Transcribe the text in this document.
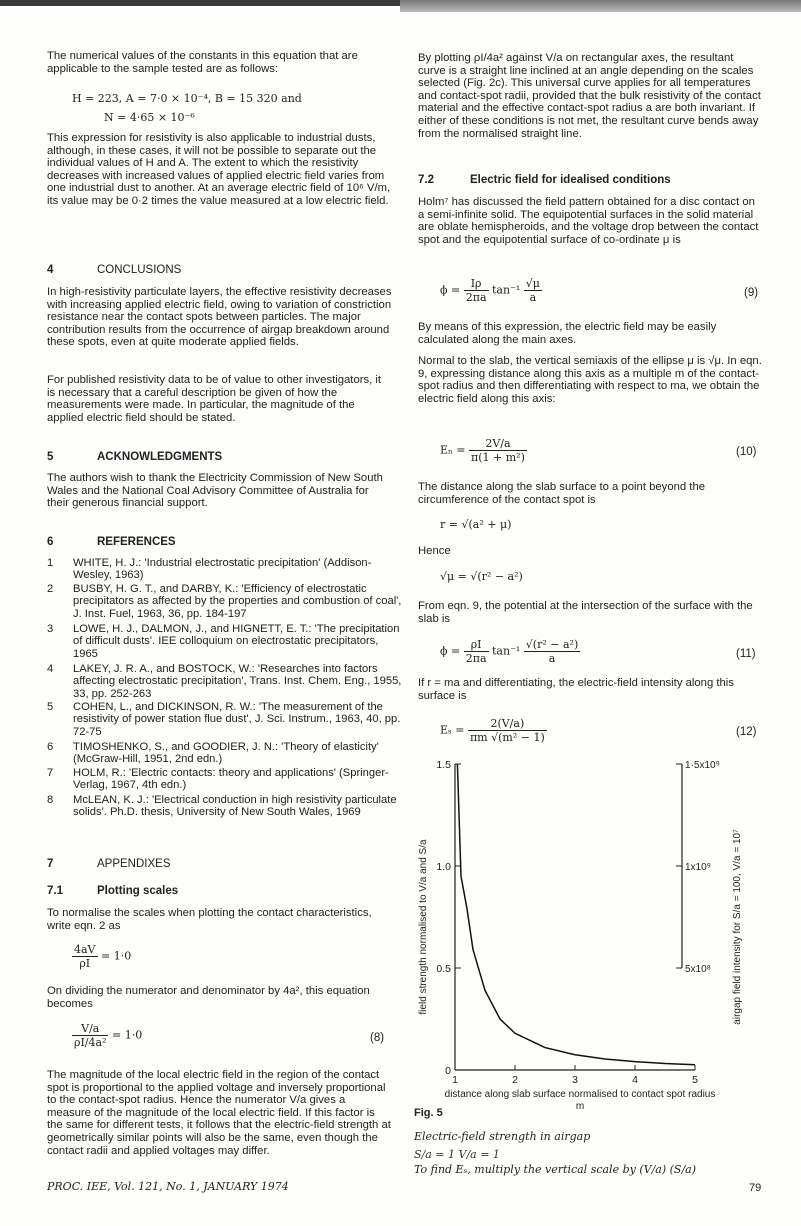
The numerical values of the constants in this equation that are applicable to the sample tested are as follows:
H = 223, A = 7·0 × 10⁻⁴, B = 15 320 and
N = 4·65 × 10⁻⁶
This expression for resistivity is also applicable to industrial dusts, although, in these cases, it will not be possible to separate out the individual values of H and A. The extent to which the resistivity decreases with increased values of applied electric field varies from one industrial dust to another. At an average electric field of 10⁶ V/m, its value may be 0·2 times the value measured at a low electric field.
4	CONCLUSIONS
In high-resistivity particulate layers, the effective resistivity decreases with increasing applied electric field, owing to variation of constriction resistance near the contact spots between particles. The major contribution results from the occurrence of airgap breakdown around these spots, even at quite moderate applied fields.
For published resistivity data to be of value to other investigators, it is necessary that a careful description be given of how the measurements were made. In particular, the magnitude of the applied electric field should be stated.
5	ACKNOWLEDGMENTS
The authors wish to thank the Electricity Commission of New South Wales and the National Coal Advisory Committee of Australia for their generous financial support.
6	REFERENCES
1 WHITE, H. J.: 'Industrial electrostatic precipitation' (Addison-Wesley, 1963)
2 BUSBY, H. G. T., and DARBY, K.: 'Efficiency of electrostatic precipitators as affected by the properties and combustion of coal', J. Inst. Fuel, 1963, 36, pp. 184-197
3 LOWE, H. J., DALMON, J., and HIGNETT, E. T.: 'The precipitation of difficult dusts'. IEE colloquium on electrostatic precipitators, 1965
4 LAKEY, J. R. A., and BOSTOCK, W.: 'Researches into factors affecting electrostatic precipitation', Trans. Inst. Chem. Eng., 1955, 33, pp. 252-263
5 COHEN, L., and DICKINSON, R. W.: 'The measurement of the resistivity of power station flue dust', J. Sci. Instrum., 1963, 40, pp. 72-75
6 TIMOSHENKO, S., and GOODIER, J. N.: 'Theory of elasticity' (McGraw-Hill, 1951, 2nd edn.)
7 HOLM, R.: 'Electric contacts: theory and applications' (Springer-Verlag, 1967, 4th edn.)
8 McLEAN, K. J.: 'Electrical conduction in high resistivity particulate solids'. Ph.D. thesis, University of New South Wales, 1969
7	APPENDIXES
7.1	Plotting scales
To normalise the scales when plotting the contact characteristics, write eqn. 2 as
$\frac{4aV}{\rho I} = 1\cdot 0$
On dividing the numerator and denominator by 4a², this equation becomes
$\frac{V/a}{\text{ρI/4a²}} = 1\cdot 0$	(8)
The magnitude of the local electric field in the region of the contact spot is proportional to the applied voltage and inversely proportional to the contact-spot radius. Hence the numerator V/a gives a measure of the magnitude of the local electric field. If this factor is the same for different tests, it follows that the electric-field strength at geometrically similar points will also be the same, even though the contact radii and applied voltages may differ.
PROC. IEE, Vol. 121, No. 1, JANUARY 1974
By plotting ρI/4a² against V/a on rectangular axes, the resultant curve is a straight line inclined at an angle depending on the scales selected (Fig. 2c). This universal curve applies for all temperatures and contact-spot radii, provided that the bulk resistivity of the contact material and the effective contact-spot radius a are both invariant. If either of these conditions is not met, the resultant curve bends away from the normalised straight line.
7.2	Electric field for idealised conditions
Holm⁷ has discussed the field pattern obtained for a disc contact on a semi-infinite solid. The equipotential surfaces in the solid material are oblate hemispheroids, and the voltage drop between the contact spot and the equipotential surface of co-ordinate μ is
$\phi = \frac{I\rho}{2\pi a} \tan^{-1} \frac{√\mu}{a}$	(9)
By means of this expression, the electric field may be easily calculated along the main axes.
Normal to the slab, the vertical semiaxis of the ellipse μ is √μ. In eqn. 9, expressing distance along this axis as a multiple m of the contact-spot radius and then differentiating with respect to ma, we obtain the electric field along this axis:
$E_n = \frac{2V/a}{\text{π(1 + m²)}}$	(10)
The distance along the slab surface to a point beyond the circumference of the contact spot is
r = √(a² + μ)
Hence
√μ = √(r² − a²)
From eqn. 9, the potential at the intersection of the surface with the slab is
$\phi = \frac{\rho I}{2\pi a} \tan^{-1} \frac{\text{√(r² − a²)}}{a}$	(11)
If r = ma and differentiating, the electric-field intensity along this surface is
$E_s = \frac{2(V/a)}{\text{πm √(m² − 1)}}$	(12)
1	2	3	4	5
0
0.5
1.0
1.5
5x10⁸
1x10⁹
1·5x10⁹
distance along slab surface normalised to contact spot radius m
field strength normalised to V/a and S/a	airgap field intensity for S/a = 100, V/a = 10⁷
Fig. 5
Electric-field strength in airgap
S/a = 1 V/a = 1
To find Eₛ, multiply the vertical scale by (V/a) (S/a)
79
